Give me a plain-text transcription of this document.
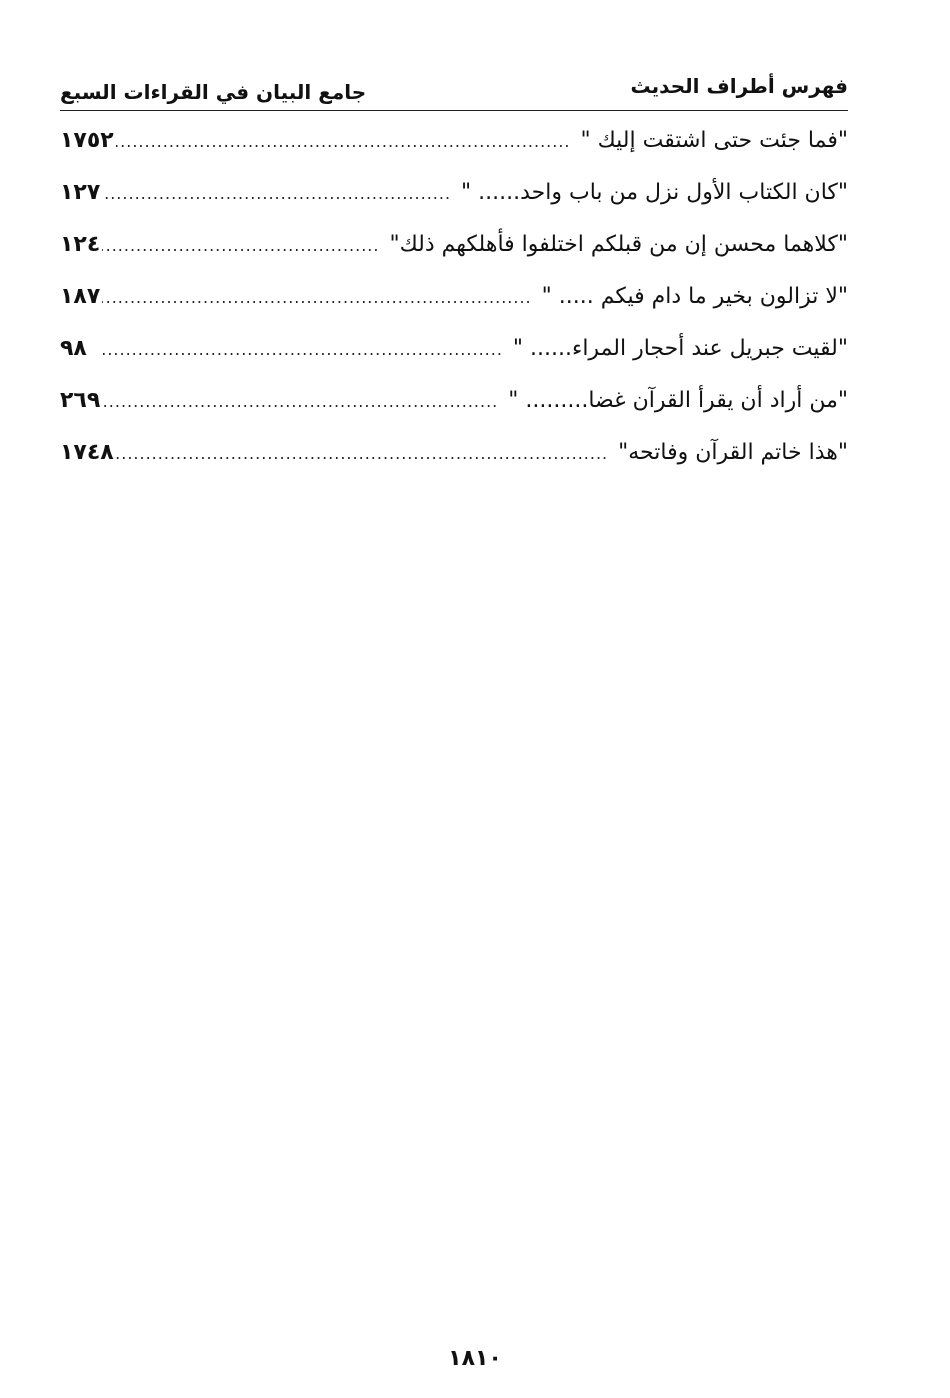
فهرس أطراف الحديث
جامع البيان في القراءات السبع
"فما جئت حتى اشتقت إليك "
.....
١٧٥٢
"كان الكتاب الأول نزل من باب واحد...... "
.....
١٢٧
"كلاهما محسن إن من قبلكم اختلفوا فأهلكهم ذلك"
.....
١٢٤
"لا تزالون بخير ما دام فيكم ..... "
.....
١٨٧
"لقيت جبريل عند أحجار المراء...... "
.....
٩٨
"من أراد أن يقرأ القرآن غضا......... "
.....
٢٦٩
"هذا خاتم القرآن وفاتحه"
.....
١٧٤٨
١٨١٠
